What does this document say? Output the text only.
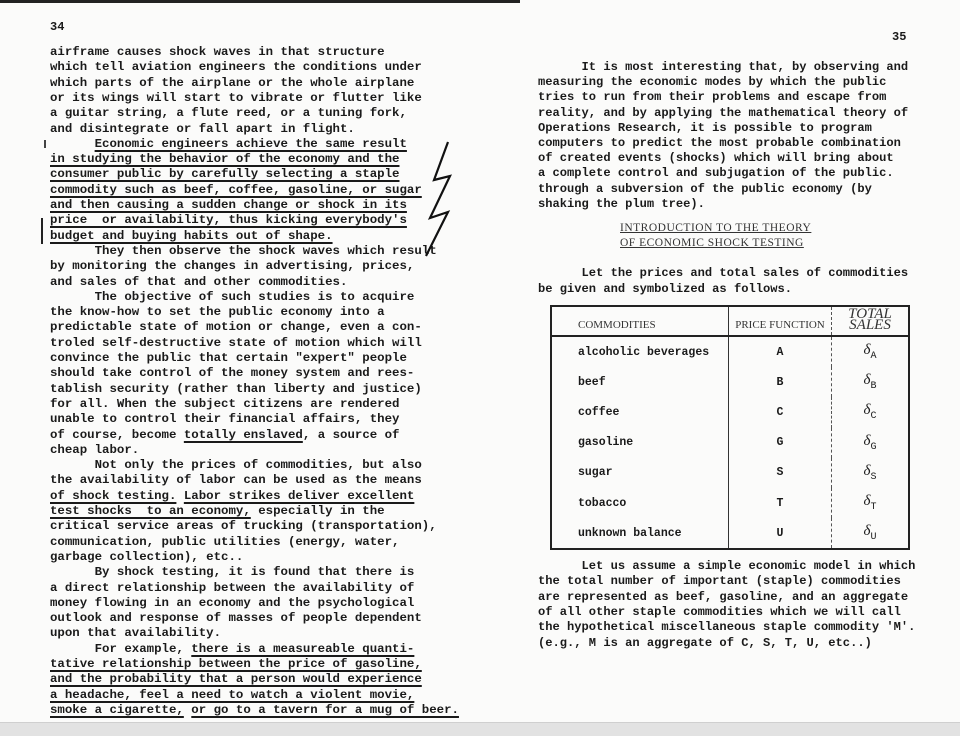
34
airframe causes shock waves in that structure
which tell aviation engineers the conditions under
which parts of the airplane or the whole airplane
or its wings will start to vibrate or flutter like
a guitar string, a flute reed, or a tuning fork,
and disintegrate or fall apart in flight.
Economic engineers achieve the same result
in studying the behavior of the economy and the
consumer public by carefully selecting a staple
commodity such as beef, coffee, gasoline, or sugar
and then causing a sudden change or shock in its
price  or availability, thus kicking everybody's
budget and buying habits out of shape.
They then observe the shock waves which result
by monitoring the changes in advertising, prices,
and sales of that and other commodities.
The objective of such studies is to acquire
the know-how to set the public economy into a
predictable state of motion or change, even a con-
troled self-destructive state of motion which will
convince the public that certain "expert" people
should take control of the money system and rees-
tablish security (rather than liberty and justice)
for all. When the subject citizens are rendered
unable to control their financial affairs, they
of course, become totally enslaved, a source of
cheap labor.
Not only the prices of commodities, but also
the availability of labor can be used as the means
of shock testing. Labor strikes deliver excellent
test shocks  to an economy, especially in the
critical service areas of trucking (transportation),
communication, public utilities (energy, water,
garbage collection), etc..
By shock testing, it is found that there is
a direct relationship between the availability of
money flowing in an economy and the psychological
outlook and response of masses of people dependent
upon that availability.
For example, there is a measureable quanti-
tative relationship between the price of gasoline,
and the probability that a person would experience
a headache, feel a need to watch a violent movie,
smoke a cigarette, or go to a tavern for a mug of beer.
35
It is most interesting that, by observing and
measuring the economic modes by which the public
tries to run from their problems and escape from
reality, and by applying the mathematical theory of
Operations Research, it is possible to program
computers to predict the most probable combination
of created events (shocks) which will bring about
a complete control and subjugation of the public.
through a subversion of the public economy (by
shaking the plum tree).
INTRODUCTION TO THE THEORY
OF ECONOMIC SHOCK TESTING
Let the prices and total sales of commodities
be given and symbolized as follows.
COMMODITIES	PRICE FUNCTION	TOTAL SALES
alcoholic beverages	A	$\delta_A$
beef	B	$\delta_B$
coffee	C	$\delta_C$
gasoline	G	$\delta_G$
sugar	S	$\delta_S$
tobacco	T	$\delta_T$
unknown balance	U	$\delta_U$
Let us assume a simple economic model in which
the total number of important (staple) commodities
are represented as beef, gasoline, and an aggregate
of all other staple commodities which we will call
the hypothetical miscellaneous staple commodity 'M'.
(e.g., M is an aggregate of C, S, T, U, etc..)
